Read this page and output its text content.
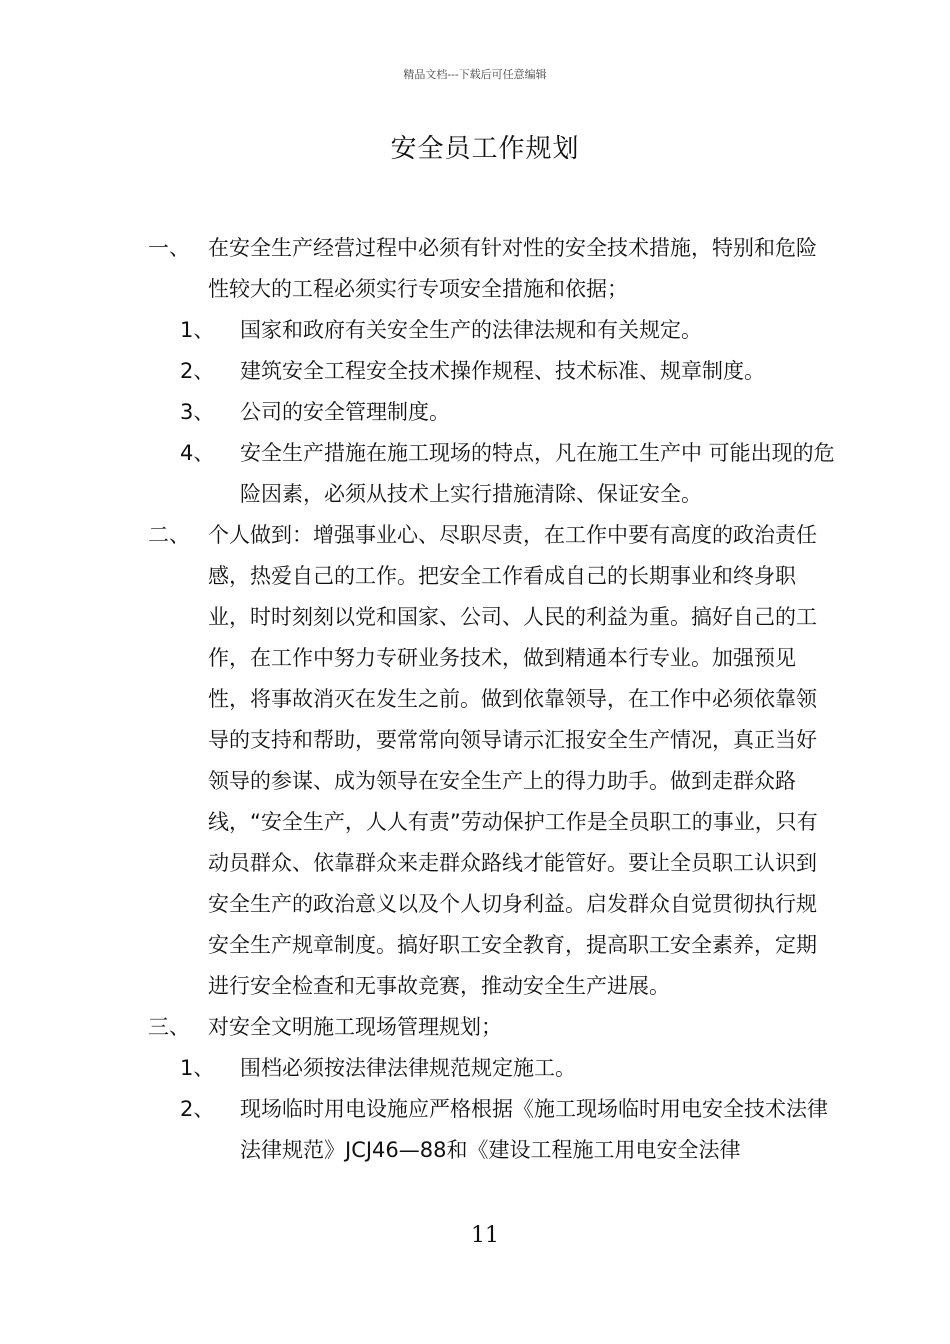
精品文档---下载后可任意编辑
安全员工作规划
一、 在安全生产经营过程中必须有针对性的安全技术措施，特别和危险性较大的工程必须实行专项安全措施和依据；
1、	国家和政府有关安全生产的法律法规和有关规定。
2、	建筑安全工程安全技术操作规程、技术标准、规章制度。
3、	公司的安全管理制度。
4、	安全生产措施在施工现场的特点，凡在施工生产中 可能出现的危险因素，必须从技术上实行措施清除、保证安全。
二、 个人做到：增强事业心、尽职尽责，在工作中要有高度的政治责任感，热爱自己的工作。把安全工作看成自己的长期事业和终身职业，时时刻刻以党和国家、公司、人民的利益为重。搞好自己的工作，在工作中努力专研业务技术，做到精通本行专业。加强预见性，将事故消灭在发生之前。做到依靠领导，在工作中必须依靠领导的支持和帮助，要常常向领导请示汇报安全生产情况，真正当好领导的参谋、成为领导在安全生产上的得力助手。做到走群众路线，“安全生产，人人有责”劳动保护工作是全员职工的事业，只有动员群众、依靠群众来走群众路线才能管好。要让全员职工认识到安全生产的政治意义以及个人切身利益。启发群众自觉贯彻执行规安全生产规章制度。搞好职工安全教育，提高职工安全素养，定期进行安全检查和无事故竞赛，推动安全生产进展。
三、 对安全文明施工现场管理规划；
1、	围档必须按法律法律规范规定施工。
2、	现场临时用电设施应严格根据《施工现场临时用电安全技术法律法律规范》JCJ46—88和《建设工程施工用电安全法律
11
